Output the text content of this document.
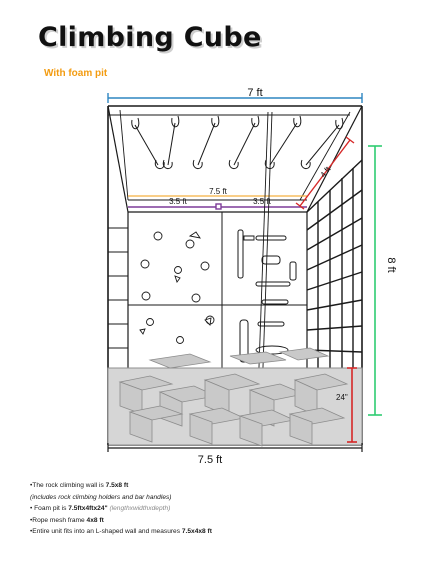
Climbing Cube
With foam pit
7 ft
7.5 ft
3.5 ft	3.5 ft
4 ft
24"
8 ft
7.5 ft
•The rock climbing wall is 7.5x8 ft
(includes rock climbing holders and bar handles)
• Foam pit is 7.5ftx4ftx24" (lengthxwidthxdepth)
•Rope mesh frame 4x8 ft
•Entire unit fits into an L-shaped wall and measures 7.5x4x8 ft
